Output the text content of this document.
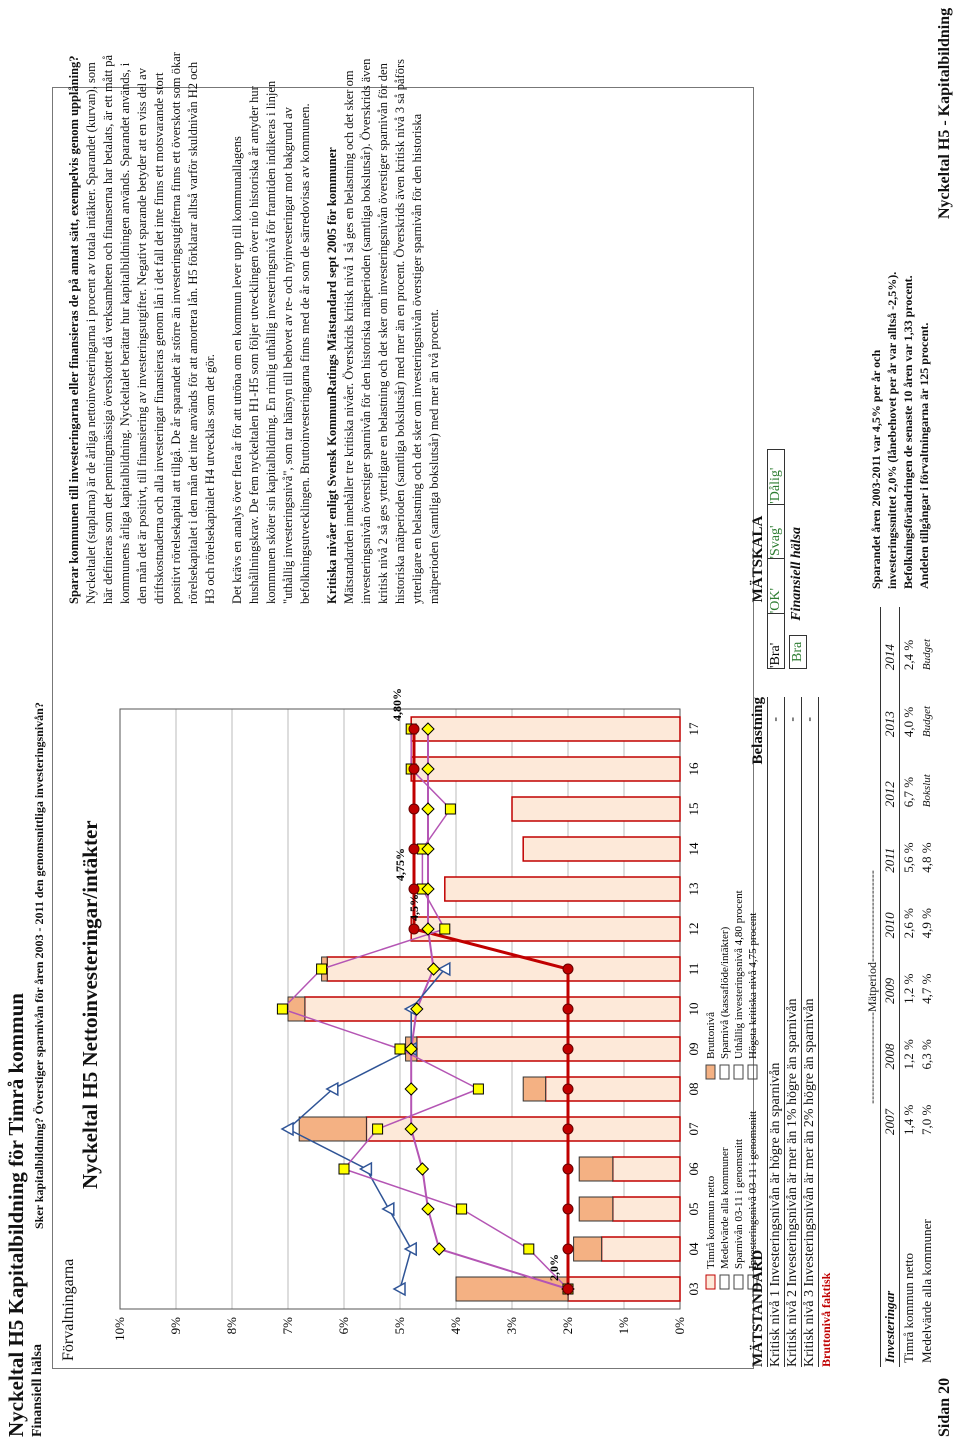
Nyckeltal H5 Kapitalbildning för Timrå kommun Finansiell hälsa
Sker kapitalbildning? Överstiger sparnivån för åren 2003 - 2011 den genomsnittliga investeringsnivån?
Nyckeltal H5 - Kapitalbildning
Sidan 20
Förvaltningarna
Nyckeltal H5 Nettoinvesteringar/intäkter
0%
1%
2%
3%
4%
5%
6%
7%
8%
9%
10%
03
04
05
06
07
08
09
10
11
12
13
14
15
16
17
2,0%
4,5%
4,75%
4,80%
Timrå kommun netto Medelvärde alla kommuner Sparnivån 03-11 i genomsnitt Investeringsnivå 03-11 i genomsnitt
Bruttonivå Sparnivå (kassaflöde/intäkter) Uthållig investeringsnivå 4,80 procent Högsta kritiska nivå 4,75 procent
Sparar kommunen till investeringarna eller finansieras de på annat sätt, exempelvis genom upplåning? Nyckeltalet (staplarna) är de årliga nettoinvesteringarna i procent av totala intäkter. Sparandet (kurvan), som här definieras som det penningmässiga överskottet då verksamheten och finanserna har betalats, är ett mått på kommunens årliga kapitalbildning. Nyckeltalet berättar hur kapitalbildningen används. Sparandet används, i den mån det är positivt, till finansiering av investeringsutgifter. Negativt sparande betyder att en viss del av driftskostnaderna och alla investeringar finansieras genom lån i det fall det inte finns ett motsvarande stort positivt rörelsekapital att tillgå. De år sparandet är större än investeringsutgifterna finns ett överskott som ökar rörelsekapitalet i den mån det inte används för att amortera lån. H5 förklarar alltså varför skuldnivån H2 och H3 och rörelsekapitalet H4 utvecklas som det gör. Det krävs en analys över flera år för att utröna om en kommun lever upp till kommunallagens hushållningskrav. De fem nyckeltalen H1-H5 som följer utvecklingen över nio historiska år antyder hur kommunen sköter sin kapitalbildning. En rimlig uthållig investeringsnivå för framtiden indikeras i linjen "uthållig investeringsnivå", som tar hänsyn till behovet av re- och nyinvesteringar mot bakgrund av befolkningsutvecklingen. Bruttoinvesteringarna finns med de år som de särredovisas av kommunen. Kritiska nivåer enligt Svensk KommunRatings Mätstandard sept 2005 för kommuner Mätstandarden innehåller tre kritiska nivåer. Överskrids kritisk nivå 1 så ges en belastning och det sker om investeringsnivån överstiger sparnivån för den historiska mätperioden (samtliga bokslutsår). Överskrids även kritisk nivå 2 så ges ytterligare en belastning och det sker om investeringsnivån överstiger sparnivån för den historiska mätperioden (samtliga bokslutsår) med mer än en procent. Överskrids även kritisk nivå 3 så påförs ytterligare en belastning och det sker om investeringsnivån överstiger sparnivån för den historiska mätperioden (samtliga bokslutsår) med mer än två procent.
MÄTSTANDARD
Belastning
Kritisk nivå 1 Investeringsnivån är högre än sparnivån
-
Kritisk nivå 2 Investeringsnivån är mer än 1% högre än sparnivån
-
Kritisk nivå 3 Investeringsnivån är mer än 2% högre än sparnivån
-
Bruttonivå faktisk
MÄTSKALA
'Bra'
'OK'
'Svag'
'Dålig'
Bra
Finansiell hälsa
-----------------------Mätperiod-----------------------
Investeringar	2007	2008	2009	2010	2011	2012	2013	2014
Timrå kommun netto	1,4 %	1,2 %	1,2 %	2,6 %	5,6 %	6,7 %	4,0 %	2,4 %
Medelvärde alla kommuner	7,0 %	6,3 %	4,7 %	4,9 %	4,8 %	Bokslut	Budget	Budget
Sparandet åren 2003-2011 var 4,5% per år och investeringssnittet 2,0% (lånebehovet per år var alltså -2,5%). Befolkningsförändringen de senaste 10 åren var 1,33 procent. Andelen tillgångar i förvaltningarna är 125 procent.
